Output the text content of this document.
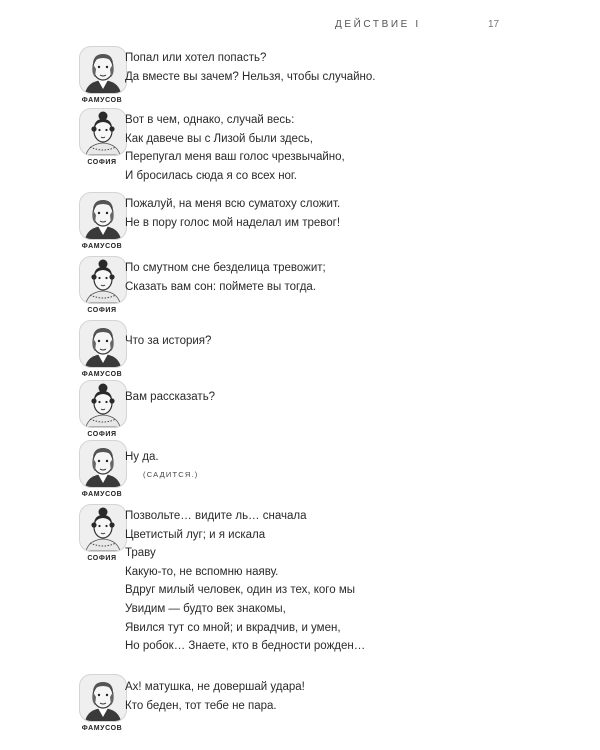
ДЕЙСТВИЕ I	17
ФАМУСОВ
Попал или хотел попасть?
Да вместе вы зачем? Нельзя, чтобы случайно.
СОФИЯ
Вот в чем, однако, случай весь:
Как давече вы с Лизой были здесь,
Перепугал меня ваш голос чрезвычайно,
И бросилась сюда я со всех ног.
ФАМУСОВ
Пожалуй, на меня всю суматоху сложит.
Не в пору голос мой наделал им тревог!
СОФИЯ
По смутном сне безделица тревожит;
Сказать вам сон: поймете вы тогда.
ФАМУСОВ
Что за история?
СОФИЯ
Вам рассказать?
ФАМУСОВ
Ну да.
(САДИТСЯ.)
СОФИЯ
Позвольте… видите ль… сначала
Цветистый луг; и я искала
Траву
Какую-то, не вспомню наяву.
Вдруг милый человек, один из тех, кого мы
Увидим — будто век знакомы,
Явился тут со мной; и вкрадчив, и умен,
Но робок… Знаете, кто в бедности рожден…
ФАМУСОВ
Ах! матушка, не довершай удара!
Кто беден, тот тебе не пара.
